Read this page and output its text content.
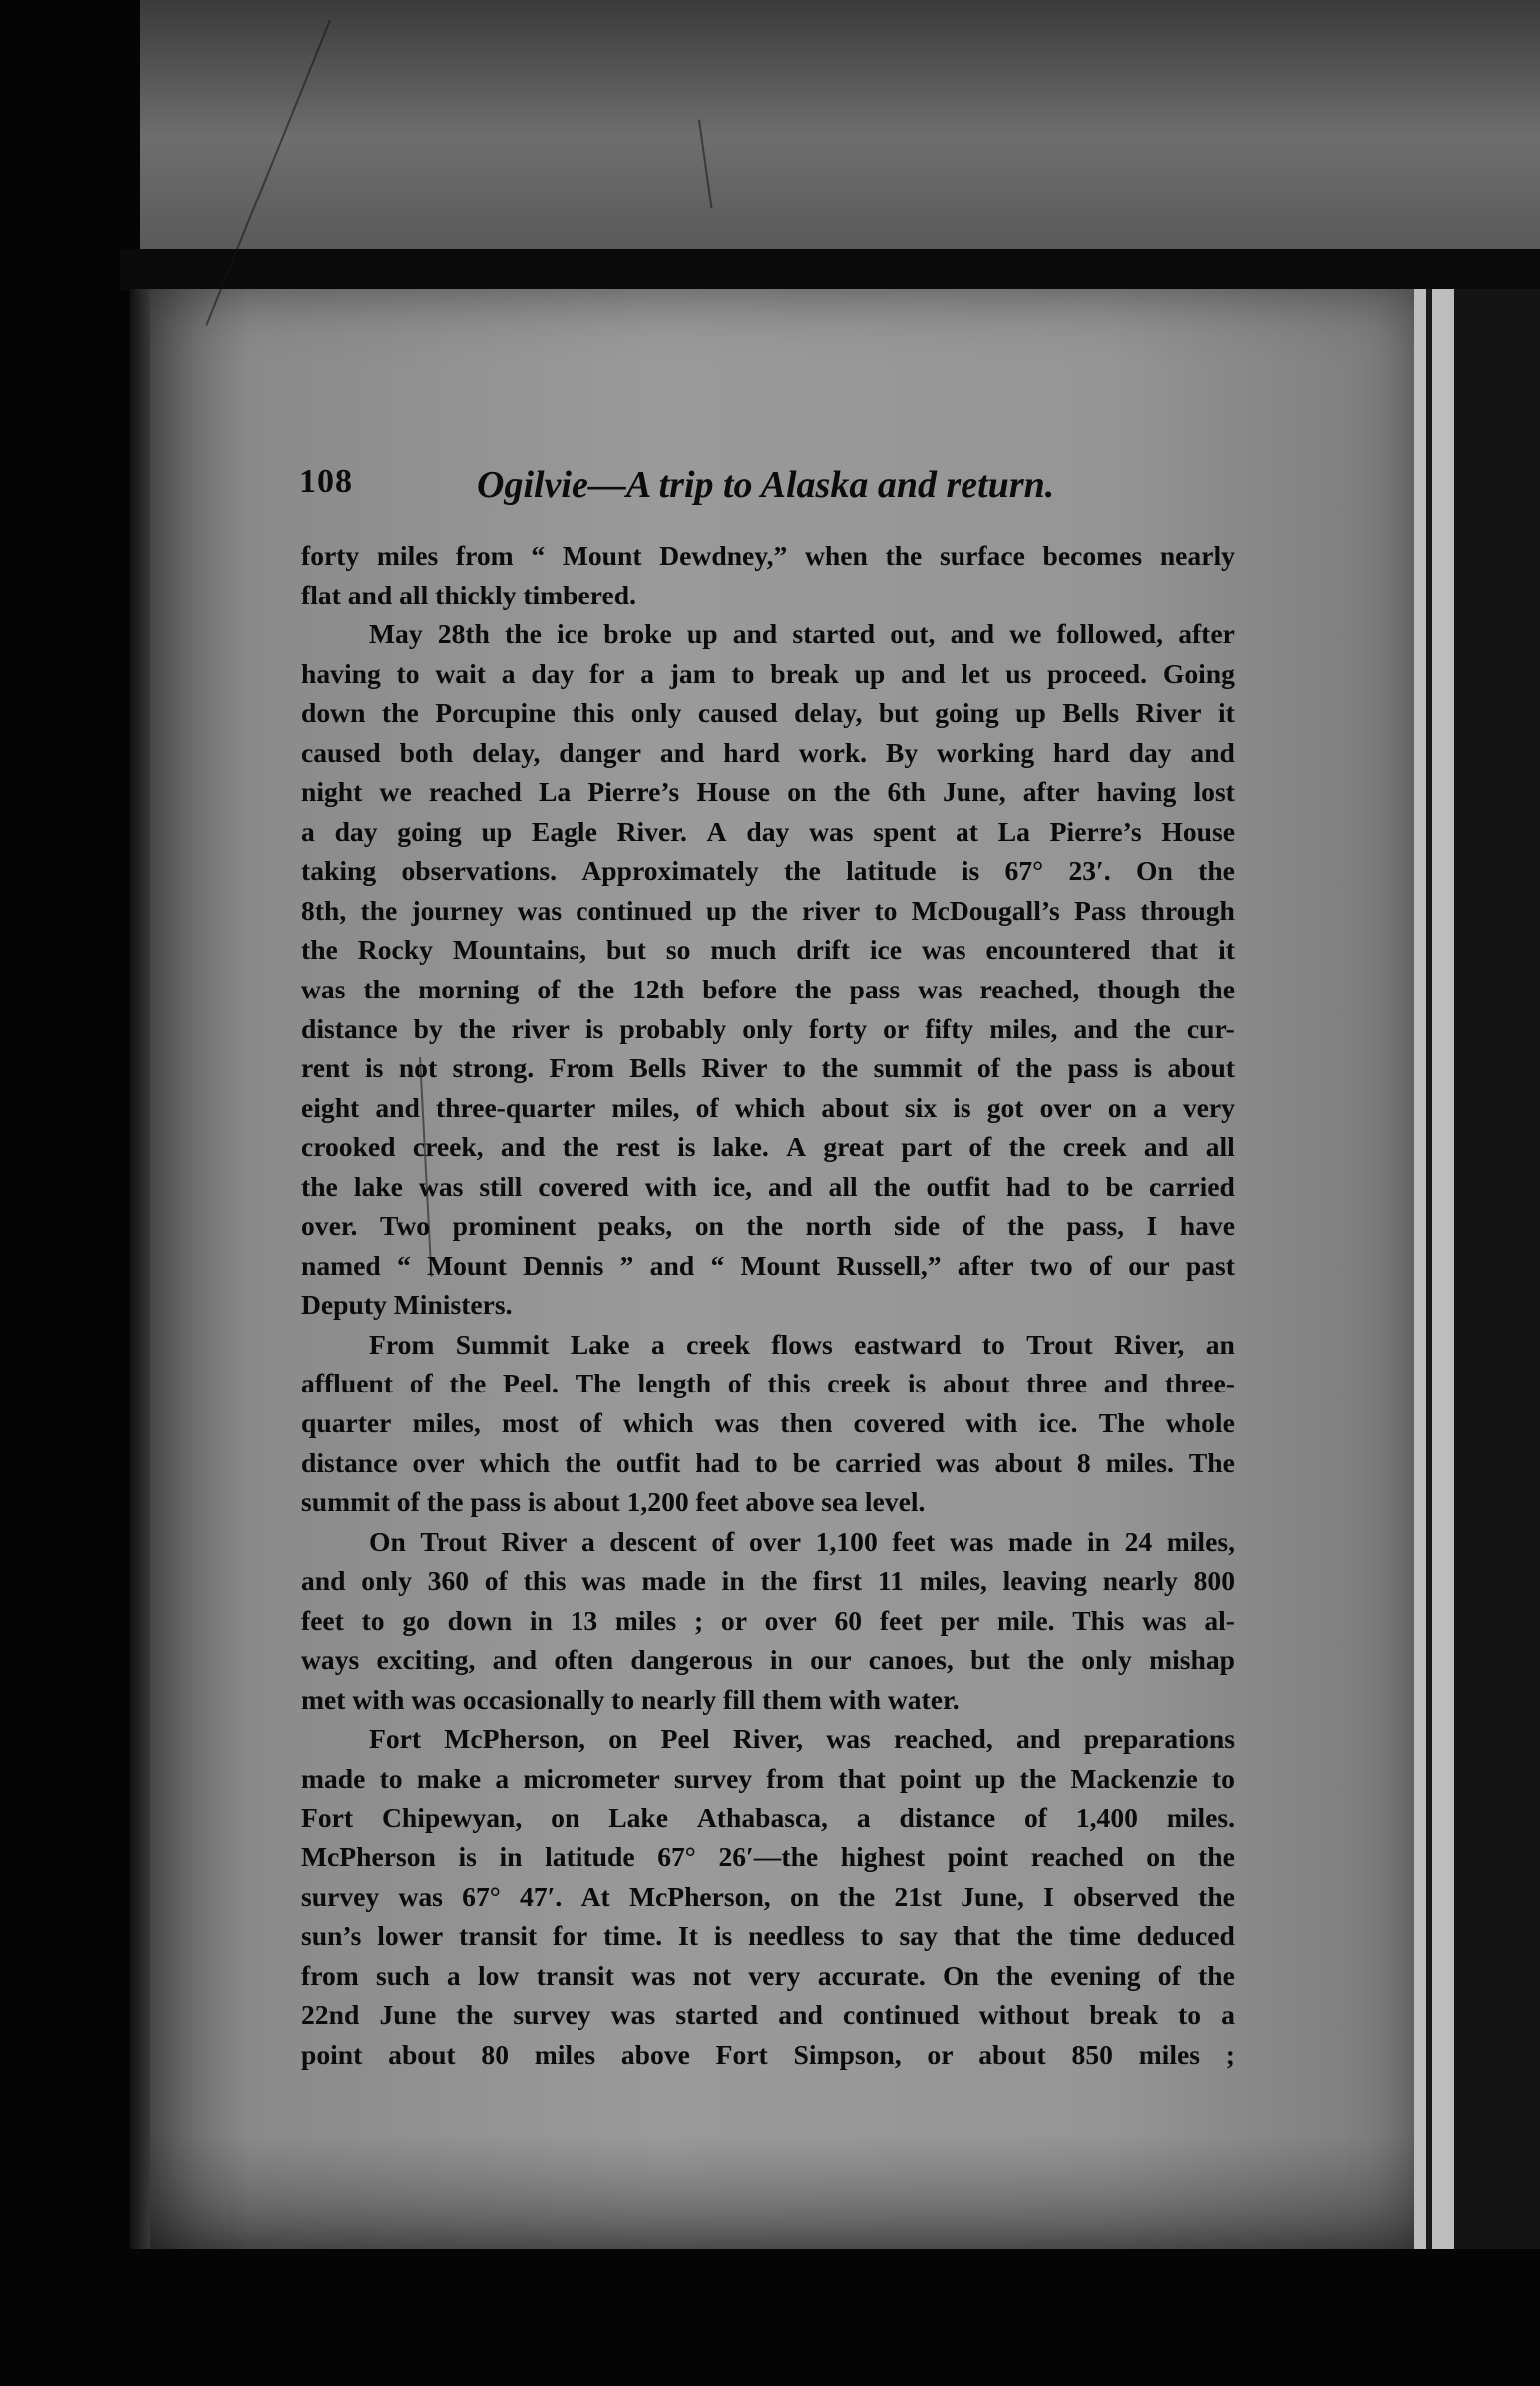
108	Ogilvie—A trip to Alaska and return.
forty miles from “ Mount Dewdney,” when the surface becomes nearly
flat and all thickly timbered.
May 28th the ice broke up and started out, and we followed, after
having to wait a day for a jam to break up and let us proceed. Going
down the Porcupine this only caused delay, but going up Bells River it
caused both delay, danger and hard work. By working hard day and
night we reached La Pierre’s House on the 6th June, after having lost
a day going up Eagle River. A day was spent at La Pierre’s House
taking observations. Approximately the latitude is 67° 23′. On the
8th, the journey was continued up the river to McDougall’s Pass through
the Rocky Mountains, but so much drift ice was encountered that it
was the morning of the 12th before the pass was reached, though the
distance by the river is probably only forty or fifty miles, and the cur-
rent is not strong. From Bells River to the summit of the pass is about
eight and three-quarter miles, of which about six is got over on a very
crooked creek, and the rest is lake. A great part of the creek and all
the lake was still covered with ice, and all the outfit had to be carried
over. Two prominent peaks, on the north side of the pass, I have
named “ Mount Dennis ” and “ Mount Russell,” after two of our past
Deputy Ministers.
From Summit Lake a creek flows eastward to Trout River, an
affluent of the Peel. The length of this creek is about three and three-
quarter miles, most of which was then covered with ice. The whole
distance over which the outfit had to be carried was about 8 miles. The
summit of the pass is about 1,200 feet above sea level.
On Trout River a descent of over 1,100 feet was made in 24 miles,
and only 360 of this was made in the first 11 miles, leaving nearly 800
feet to go down in 13 miles ; or over 60 feet per mile. This was al-
ways exciting, and often dangerous in our canoes, but the only mishap
met with was occasionally to nearly fill them with water.
Fort McPherson, on Peel River, was reached, and preparations
made to make a micrometer survey from that point up the Mackenzie to
Fort Chipewyan, on Lake Athabasca, a distance of 1,400 miles.
McPherson is in latitude 67° 26′—the highest point reached on the
survey was 67° 47′. At McPherson, on the 21st June, I observed the
sun’s lower transit for time. It is needless to say that the time deduced
from such a low transit was not very accurate. On the evening of the
22nd June the survey was started and continued without break to a
point about 80 miles above Fort Simpson, or about 850 miles ;
